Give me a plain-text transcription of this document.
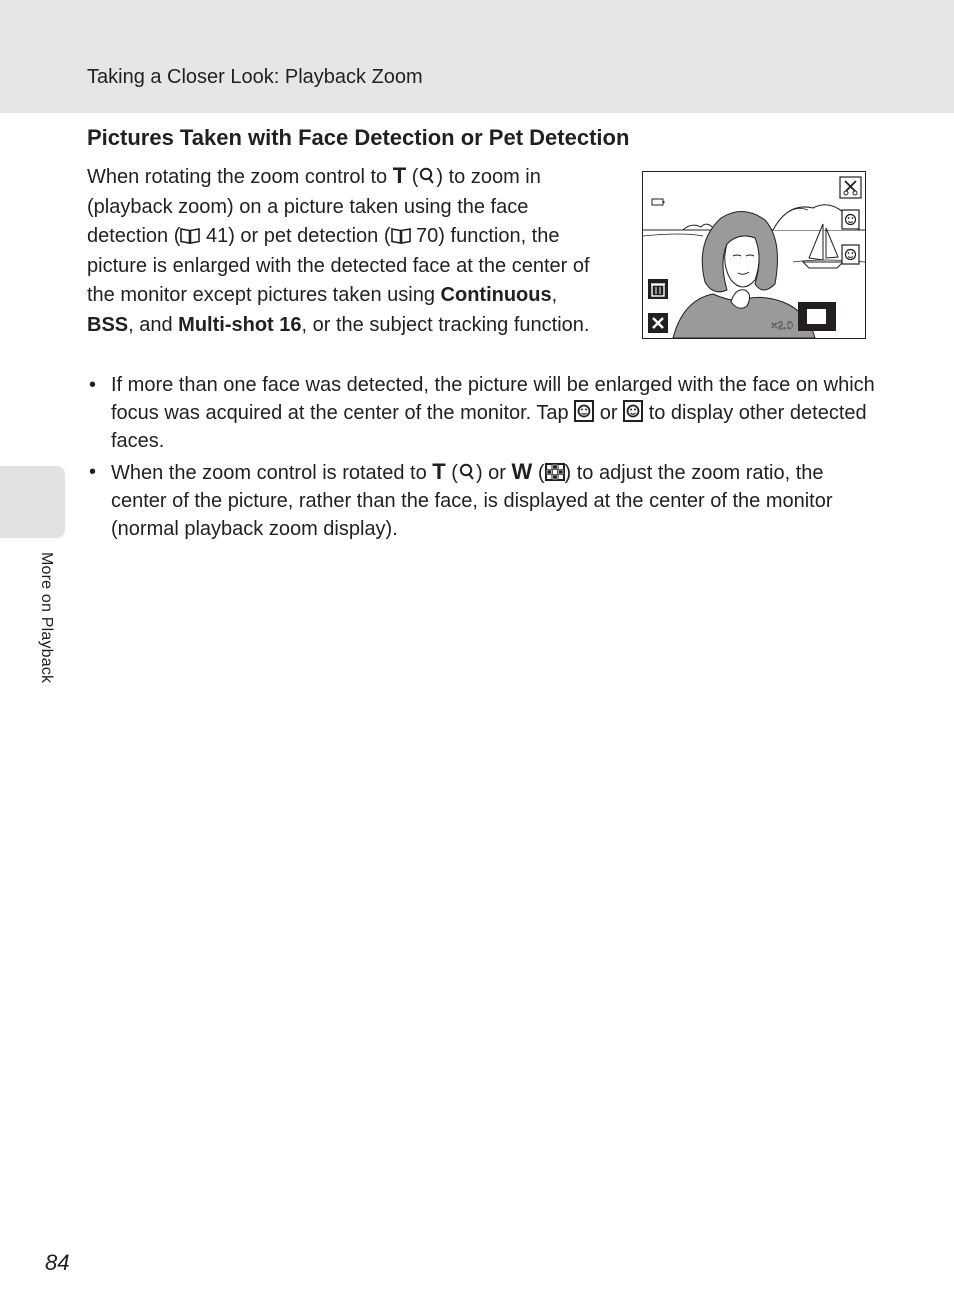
Taking a Closer Look: Playback Zoom
More on Playback
Pictures Taken with Face Detection or Pet Detection

When rotating the zoom control to T ( ) to zoom in (playback zoom) on a picture taken using the face detection ( 41) or pet detection ( 70) function, the picture is enlarged with the detected face at the center of the monitor except pictures taken using Continuous, BSS, and Multi-shot 16, or the subject tracking function.	×2.0
• If more than one face was detected, the picture will be enlarged with the face on which focus was acquired at the center of the monitor. Tap  or  to display other detected faces.
• When the zoom control is rotated to T ( ) or W ( ) to adjust the zoom ratio, the center of the picture, rather than the face, is displayed at the center of the monitor (normal playback zoom display).
84
